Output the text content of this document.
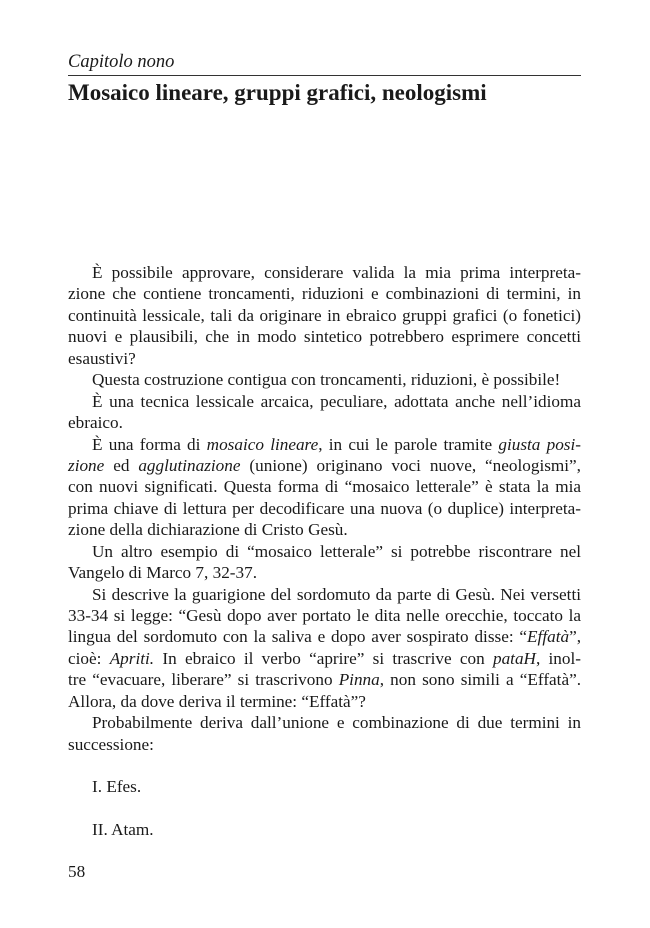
Capitolo nono
Mosaico lineare, gruppi grafici, neologismi
È possibile approvare, considerare valida la mia prima interpreta-
zione che contiene troncamenti, riduzioni e combinazioni di termini, in
continuità lessicale, tali da originare in ebraico gruppi grafici (o fonetici)
nuovi e plausibili, che in modo sintetico potrebbero esprimere concetti
esaustivi?
Questa costruzione contigua con troncamenti, riduzioni, è possibile!
È una tecnica lessicale arcaica, peculiare, adottata anche nell’idioma
ebraico.
È una forma di mosaico lineare, in cui le parole tramite giusta posi-
zione ed agglutinazione (unione) originano voci nuove, “neologismi”,
con nuovi significati. Questa forma di “mosaico letterale” è stata la mia
prima chiave di lettura per decodificare una nuova (o duplice) interpreta-
zione della dichiarazione di Cristo Gesù.
Un altro esempio di “mosaico letterale” si potrebbe riscontrare nel
Vangelo di Marco 7, 32-37.
Si descrive la guarigione del sordomuto da parte di Gesù. Nei versetti
33-34 si legge: “Gesù dopo aver portato le dita nelle orecchie, toccato la
lingua del sordomuto con la saliva e dopo aver sospirato disse: “Effatà”,
cioè: Apriti. In ebraico il verbo “aprire” si trascrive con pataH, inol-
tre “evacuare, liberare” si trascrivono Pinna, non sono simili a “Effatà”.
Allora, da dove deriva il termine: “Effatà”?
Probabilmente deriva dall’unione e combinazione di due termini in
successione:
I. Efes.
II. Atam.
58
